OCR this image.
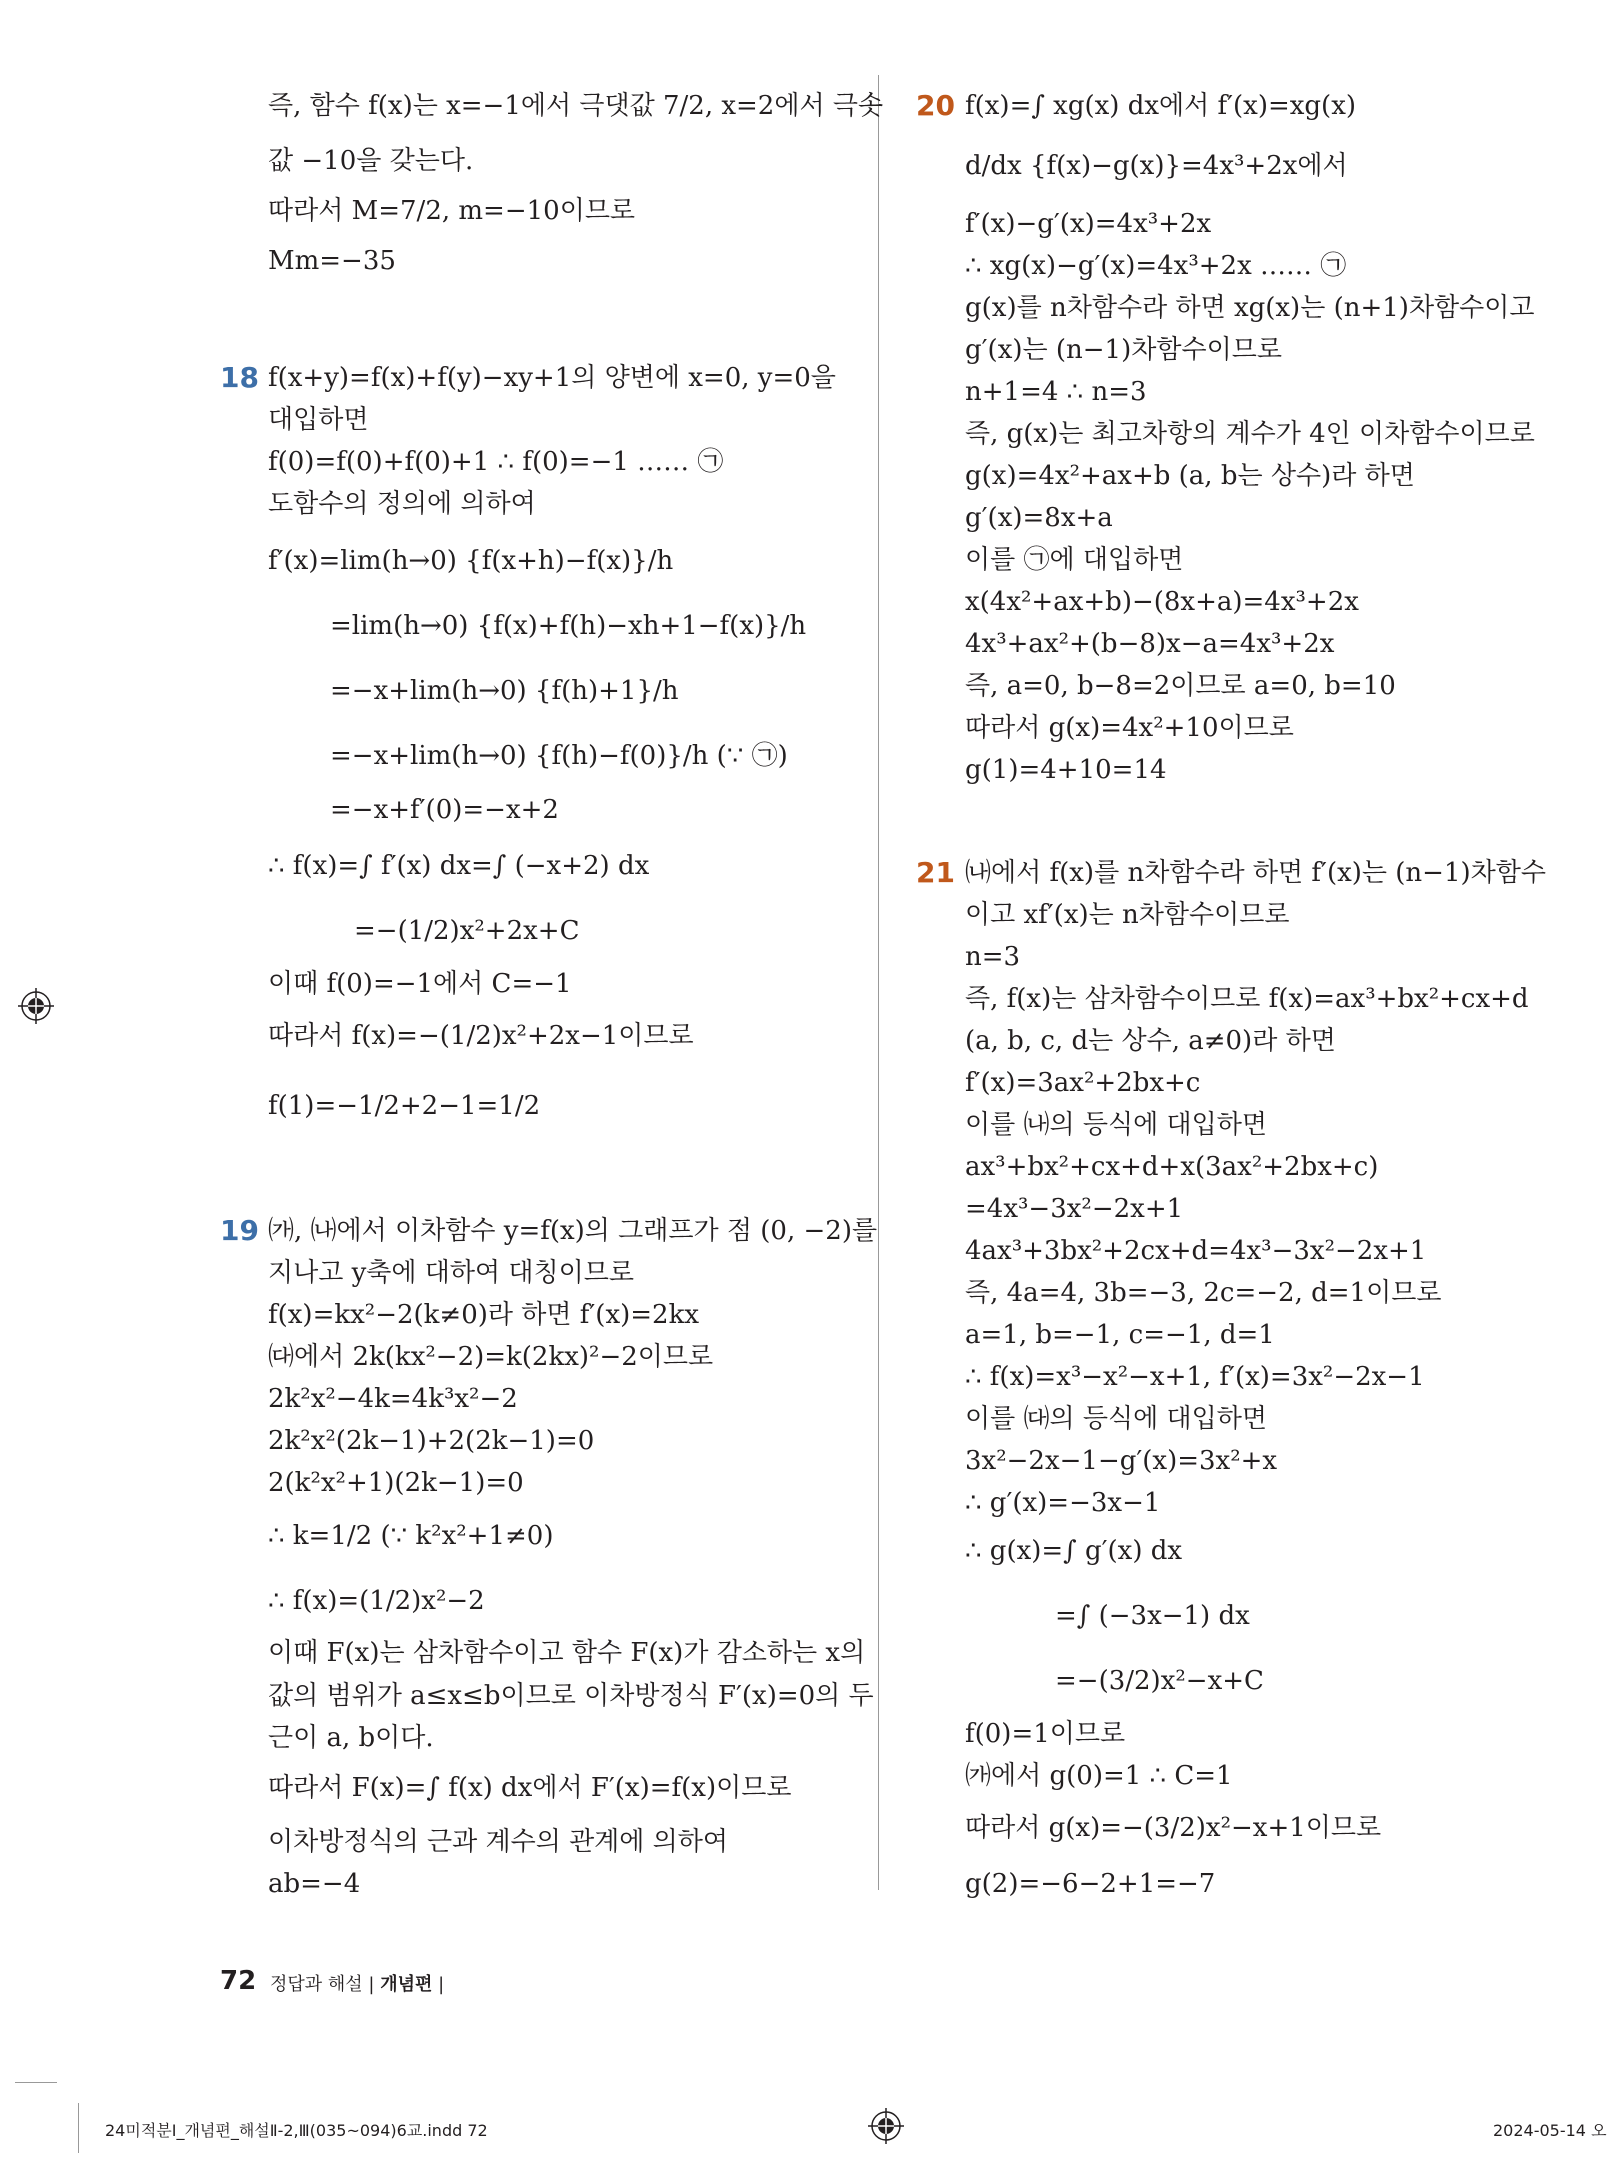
즉, 함수 f(x)는 x=−1에서 극댓값 7/2, x=2에서 극솟
값 −10을 갖는다.
따라서 M=7/2, m=−10이므로
Mm=−35
18 f(x+y)=f(x)+f(y)−xy+1의 양변에 x=0, y=0을
대입하면
f(0)=f(0)+f(0)+1 ∴ f(0)=−1 …… ㉠
도함수의 정의에 의하여
f′(x)=lim(h→0) {f(x+h)−f(x)}/h
=lim(h→0) {f(x)+f(h)−xh+1−f(x)}/h
=−x+lim(h→0) {f(h)+1}/h
=−x+lim(h→0) {f(h)−f(0)}/h (∵ ㉠)
=−x+f′(0)=−x+2
∴ f(x)=∫ f′(x) dx=∫ (−x+2) dx
=−(1/2)x²+2x+C
이때 f(0)=−1에서 C=−1
따라서 f(x)=−(1/2)x²+2x−1이므로
f(1)=−1/2+2−1=1/2
19 ㈎, ㈏에서 이차함수 y=f(x)의 그래프가 점 (0, −2)를
지나고 y축에 대하여 대칭이므로
f(x)=kx²−2(k≠0)라 하면 f′(x)=2kx
㈐에서 2k(kx²−2)=k(2kx)²−2이므로
2k²x²−4k=4k³x²−2
2k²x²(2k−1)+2(2k−1)=0
2(k²x²+1)(2k−1)=0
∴ k=1/2 (∵ k²x²+1≠0)
∴ f(x)=(1/2)x²−2
이때 F(x)는 삼차함수이고 함수 F(x)가 감소하는 x의
값의 범위가 a≤x≤b이므로 이차방정식 F′(x)=0의 두
근이 a, b이다.
따라서 F(x)=∫ f(x) dx에서 F′(x)=f(x)이므로
이차방정식의 근과 계수의 관계에 의하여
ab=−4
20 f(x)=∫ xg(x) dx에서 f′(x)=xg(x)
d/dx {f(x)−g(x)}=4x³+2x에서
f′(x)−g′(x)=4x³+2x
∴ xg(x)−g′(x)=4x³+2x …… ㉠
g(x)를 n차함수라 하면 xg(x)는 (n+1)차함수이고
g′(x)는 (n−1)차함수이므로
n+1=4 ∴ n=3
즉, g(x)는 최고차항의 계수가 4인 이차함수이므로
g(x)=4x²+ax+b (a, b는 상수)라 하면
g′(x)=8x+a
이를 ㉠에 대입하면
x(4x²+ax+b)−(8x+a)=4x³+2x
4x³+ax²+(b−8)x−a=4x³+2x
즉, a=0, b−8=2이므로 a=0, b=10
따라서 g(x)=4x²+10이므로
g(1)=4+10=14
21 ㈏에서 f(x)를 n차함수라 하면 f′(x)는 (n−1)차함수
이고 xf′(x)는 n차함수이므로
n=3
즉, f(x)는 삼차함수이므로 f(x)=ax³+bx²+cx+d
(a, b, c, d는 상수, a≠0)라 하면
f′(x)=3ax²+2bx+c
이를 ㈏의 등식에 대입하면
ax³+bx²+cx+d+x(3ax²+2bx+c)
=4x³−3x²−2x+1
4ax³+3bx²+2cx+d=4x³−3x²−2x+1
즉, 4a=4, 3b=−3, 2c=−2, d=1이므로
a=1, b=−1, c=−1, d=1
∴ f(x)=x³−x²−x+1, f′(x)=3x²−2x−1
이를 ㈐의 등식에 대입하면
3x²−2x−1−g′(x)=3x²+x
∴ g′(x)=−3x−1
∴ g(x)=∫ g′(x) dx
=∫ (−3x−1) dx
=−(3/2)x²−x+C
f(0)=1이므로
㈎에서 g(0)=1 ∴ C=1
따라서 g(x)=−(3/2)x²−x+1이므로
g(2)=−6−2+1=−7
72 정답과 해설 | 개념편 |
24미적분Ⅰ_개념편_해설Ⅱ-2,Ⅲ(035~094)6교.indd 72	2024-05-14 오
